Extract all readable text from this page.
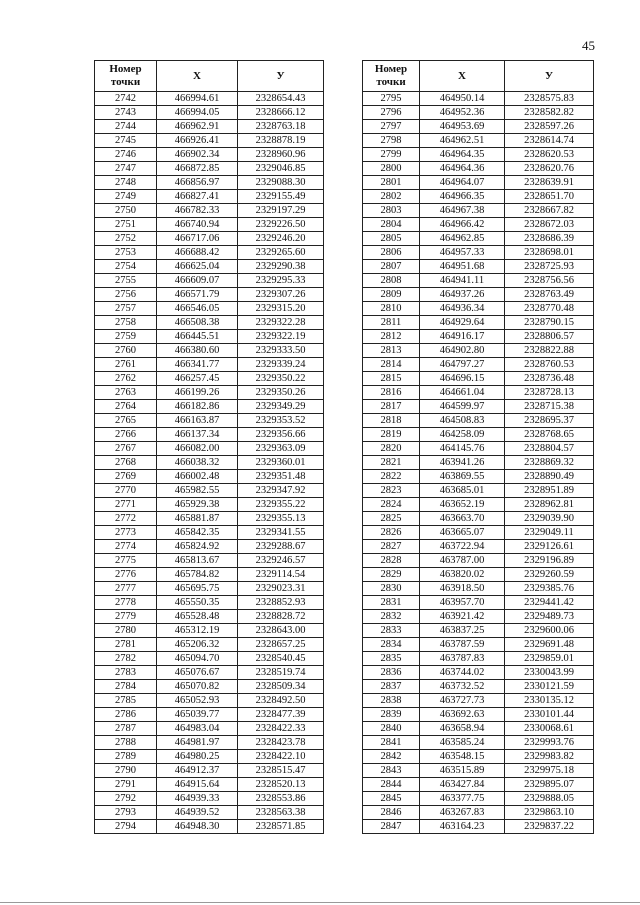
45
Номер
точки	X	У
2742	466994.61	2328654.43
2743	466994.05	2328666.12
2744	466962.91	2328763.18
2745	466926.41	2328878.19
2746	466902.34	2328960.96
2747	466872.85	2329046.85
2748	466856.97	2329088.30
2749	466827.41	2329155.49
2750	466782.33	2329197.29
2751	466740.94	2329226.50
2752	466717.06	2329246.20
2753	466688.42	2329265.60
2754	466625.04	2329290.38
2755	466609.07	2329295.33
2756	466571.79	2329307.26
2757	466546.05	2329315.20
2758	466508.38	2329322.28
2759	466445.51	2329322.19
2760	466380.60	2329333.50
2761	466341.77	2329339.24
2762	466257.45	2329350.22
2763	466199.26	2329350.26
2764	466182.86	2329349.29
2765	466163.87	2329353.52
2766	466137.34	2329356.66
2767	466082.00	2329363.09
2768	466038.32	2329360.01
2769	466002.48	2329351.48
2770	465982.55	2329347.92
2771	465929.38	2329355.22
2772	465881.87	2329355.13
2773	465842.35	2329341.55
2774	465824.92	2329288.67
2775	465813.67	2329246.57
2776	465784.82	2329114.54
2777	465695.75	2329023.31
2778	465550.35	2328852.93
2779	465528.48	2328828.72
2780	465312.19	2328643.00
2781	465206.32	2328657.25
2782	465094.70	2328540.45
2783	465076.67	2328519.74
2784	465070.82	2328509.34
2785	465052.93	2328492.50
2786	465039.77	2328477.39
2787	464983.04	2328422.33
2788	464981.97	2328423.78
2789	464980.25	2328422.10
2790	464912.37	2328515.47
2791	464915.64	2328520.13
2792	464939.33	2328553.86
2793	464939.52	2328563.38
2794	464948.30	2328571.85
Номер
точки	X	У
2795	464950.14	2328575.83
2796	464952.36	2328582.82
2797	464953.69	2328597.26
2798	464962.51	2328614.74
2799	464964.35	2328620.53
2800	464964.36	2328620.76
2801	464964.07	2328639.91
2802	464966.35	2328651.70
2803	464967.38	2328667.82
2804	464966.42	2328672.03
2805	464962.85	2328686.39
2806	464957.33	2328698.01
2807	464951.68	2328725.93
2808	464941.11	2328756.56
2809	464937.26	2328763.49
2810	464936.34	2328770.48
2811	464929.64	2328790.15
2812	464916.17	2328806.57
2813	464902.80	2328822.88
2814	464797.27	2328760.53
2815	464696.15	2328736.48
2816	464661.04	2328728.13
2817	464599.97	2328715.38
2818	464508.83	2328695.37
2819	464258.09	2328768.65
2820	464145.76	2328804.57
2821	463941.26	2328869.32
2822	463869.55	2328890.49
2823	463685.01	2328951.89
2824	463652.19	2328962.81
2825	463663.70	2329039.90
2826	463665.07	2329049.11
2827	463722.94	2329126.61
2828	463787.00	2329196.89
2829	463820.02	2329260.59
2830	463918.50	2329385.76
2831	463957.70	2329441.42
2832	463921.42	2329489.73
2833	463837.25	2329600.06
2834	463787.59	2329691.48
2835	463787.83	2329859.01
2836	463744.02	2330043.99
2837	463732.52	2330121.59
2838	463727.73	2330135.12
2839	463692.63	2330101.44
2840	463658.94	2330068.61
2841	463585.24	2329993.76
2842	463548.15	2329983.82
2843	463515.89	2329975.18
2844	463427.84	2329895.07
2845	463377.75	2329888.05
2846	463267.83	2329863.10
2847	463164.23	2329837.22
